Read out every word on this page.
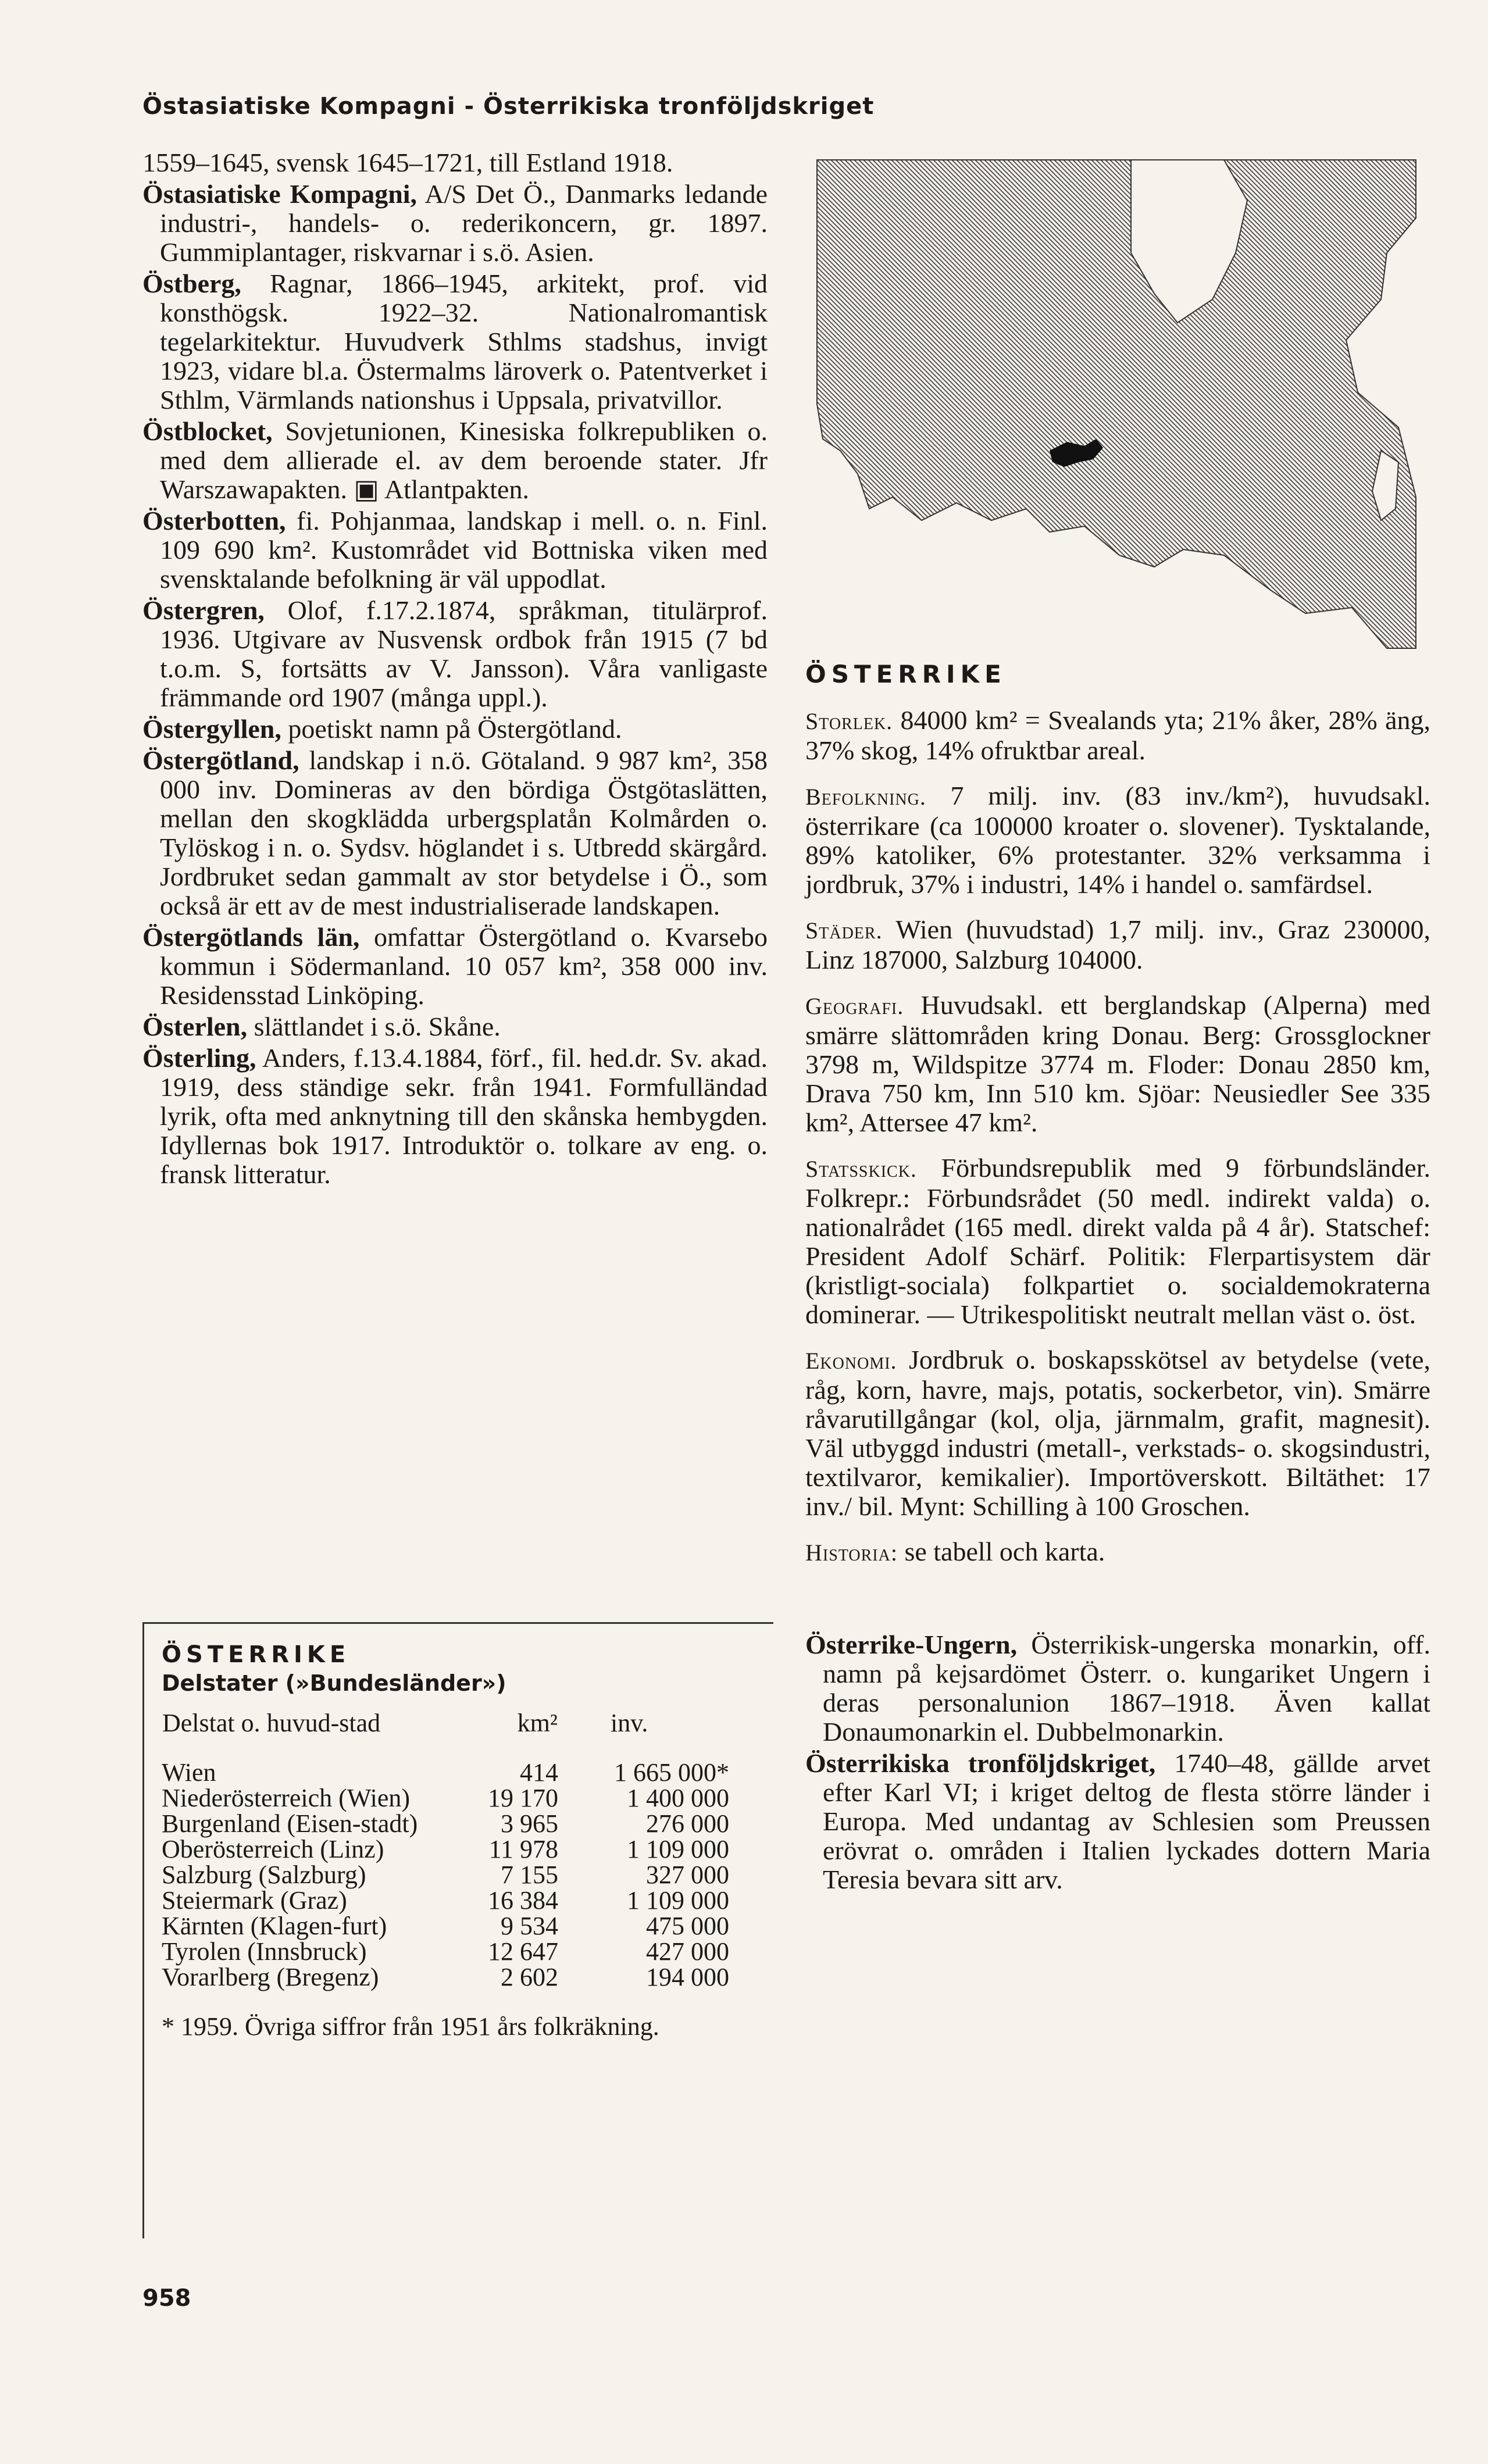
Östasiatiske Kompagni - Österrikiska tronföljdskriget
1559–1645, svensk 1645–1721, till Estland 1918.
Östasiatiske Kompagni, A/S Det Ö., Danmarks ledande industri-, handels- o. rederikoncern, gr. 1897. Gummiplantager, riskvarnar i s.ö. Asien.
Östberg, Ragnar, 1866–1945, arkitekt, prof. vid konsthögsk. 1922–32. Nationalromantisk tegelarkitektur. Huvudverk Sthlms stadshus, invigt 1923, vidare bl.a. Östermalms läroverk o. Patentverket i Sthlm, Värmlands nationshus i Uppsala, privatvillor.
Östblocket, Sovjetunionen, Kinesiska folkrepubliken o. med dem allierade el. av dem beroende stater. Jfr Warszawapakten. ▣ Atlantpakten.
Österbotten, fi. Pohjanmaa, landskap i mell. o. n. Finl. 109 690 km². Kustområdet vid Bottniska viken med svensktalande befolkning är väl uppodlat.
Östergren, Olof, f.17.2.1874, språkman, titulärprof. 1936. Utgivare av Nusvensk ordbok från 1915 (7 bd t.o.m. S, fortsätts av V. Jansson). Våra vanligaste främmande ord 1907 (många uppl.).
Östergyllen, poetiskt namn på Östergötland.
Östergötland, landskap i n.ö. Götaland. 9 987 km², 358 000 inv. Domineras av den bördiga Östgötaslätten, mellan den skogklädda urbergsplatån Kolmården o. Tylöskog i n. o. Sydsv. höglandet i s. Utbredd skärgård. Jordbruket sedan gammalt av stor betydelse i Ö., som också är ett av de mest industrialiserade landskapen.
Östergötlands län, omfattar Östergötland o. Kvarsebo kommun i Södermanland. 10 057 km², 358 000 inv. Residensstad Linköping.
Österlen, slättlandet i s.ö. Skåne.
Österling, Anders, f.13.4.1884, förf., fil. hed.dr. Sv. akad. 1919, dess ständige sekr. från 1941. Formfulländad lyrik, ofta med anknytning till den skånska hembygden. Idyllernas bok 1917. Introduktör o. tolkare av eng. o. fransk litteratur.
ÖSTERRIKE
Delstater (»Bundesländer»)
Delstat o. huvud-stad	km²	inv.

Wien	414	1 665 000*
Niederösterreich (Wien)	19 170	1 400 000
Burgenland (Eisen-stadt)	3 965	276 000
Oberösterreich (Linz)	11 978	1 109 000
Salzburg (Salzburg)	7 155	327 000
Steiermark (Graz)	16 384	1 109 000
Kärnten (Klagen-furt)	9 534	475 000
Tyrolen (Innsbruck)	12 647	427 000
Vorarlberg (Bregenz)	2 602	194 000
* 1959. Övriga siffror från 1951 års folkräkning.
958
ÖSTERRIKE
Storlek. 84000 km² = Svealands yta; 21% åker, 28% äng, 37% skog, 14% ofruktbar areal.
Befolkning. 7 milj. inv. (83 inv./km²), huvudsakl. österrikare (ca 100000 kroater o. slovener). Tysktalande, 89% katoliker, 6% protestanter. 32% verksamma i jordbruk, 37% i industri, 14% i handel o. samfärdsel.
Städer. Wien (huvudstad) 1,7 milj. inv., Graz 230000, Linz 187000, Salzburg 104000.
Geografi. Huvudsakl. ett berglandskap (Alperna) med smärre slättområden kring Donau. Berg: Grossglockner 3798 m, Wildspitze 3774 m. Floder: Donau 2850 km, Drava 750 km, Inn 510 km. Sjöar: Neusiedler See 335 km², Attersee 47 km².
Statsskick. Förbundsrepublik med 9 förbundsländer. Folkrepr.: Förbundsrådet (50 medl. indirekt valda) o. nationalrådet (165 medl. direkt valda på 4 år). Statschef: President Adolf Schärf. Politik: Flerpartisystem där (kristligt-sociala) folkpartiet o. socialdemokraterna dominerar. — Utrikespolitiskt neutralt mellan väst o. öst.
Ekonomi. Jordbruk o. boskapsskötsel av betydelse (vete, råg, korn, havre, majs, potatis, sockerbetor, vin). Smärre råvarutillgångar (kol, olja, järnmalm, grafit, magnesit). Väl utbyggd industri (metall-, verkstads- o. skogsindustri, textilvaror, kemikalier). Importöverskott. Biltäthet: 17 inv./ bil. Mynt: Schilling à 100 Groschen.
Historia: se tabell och karta.
Österrike-Ungern, Österrikisk-ungerska monarkin, off. namn på kejsardömet Österr. o. kungariket Ungern i deras personalunion 1867–1918. Även kallat Donaumonarkin el. Dubbelmonarkin.
Österrikiska tronföljdskriget, 1740–48, gällde arvet efter Karl VI; i kriget deltog de flesta större länder i Europa. Med undantag av Schlesien som Preussen erövrat o. områden i Italien lyckades dottern Maria Teresia bevara sitt arv.
